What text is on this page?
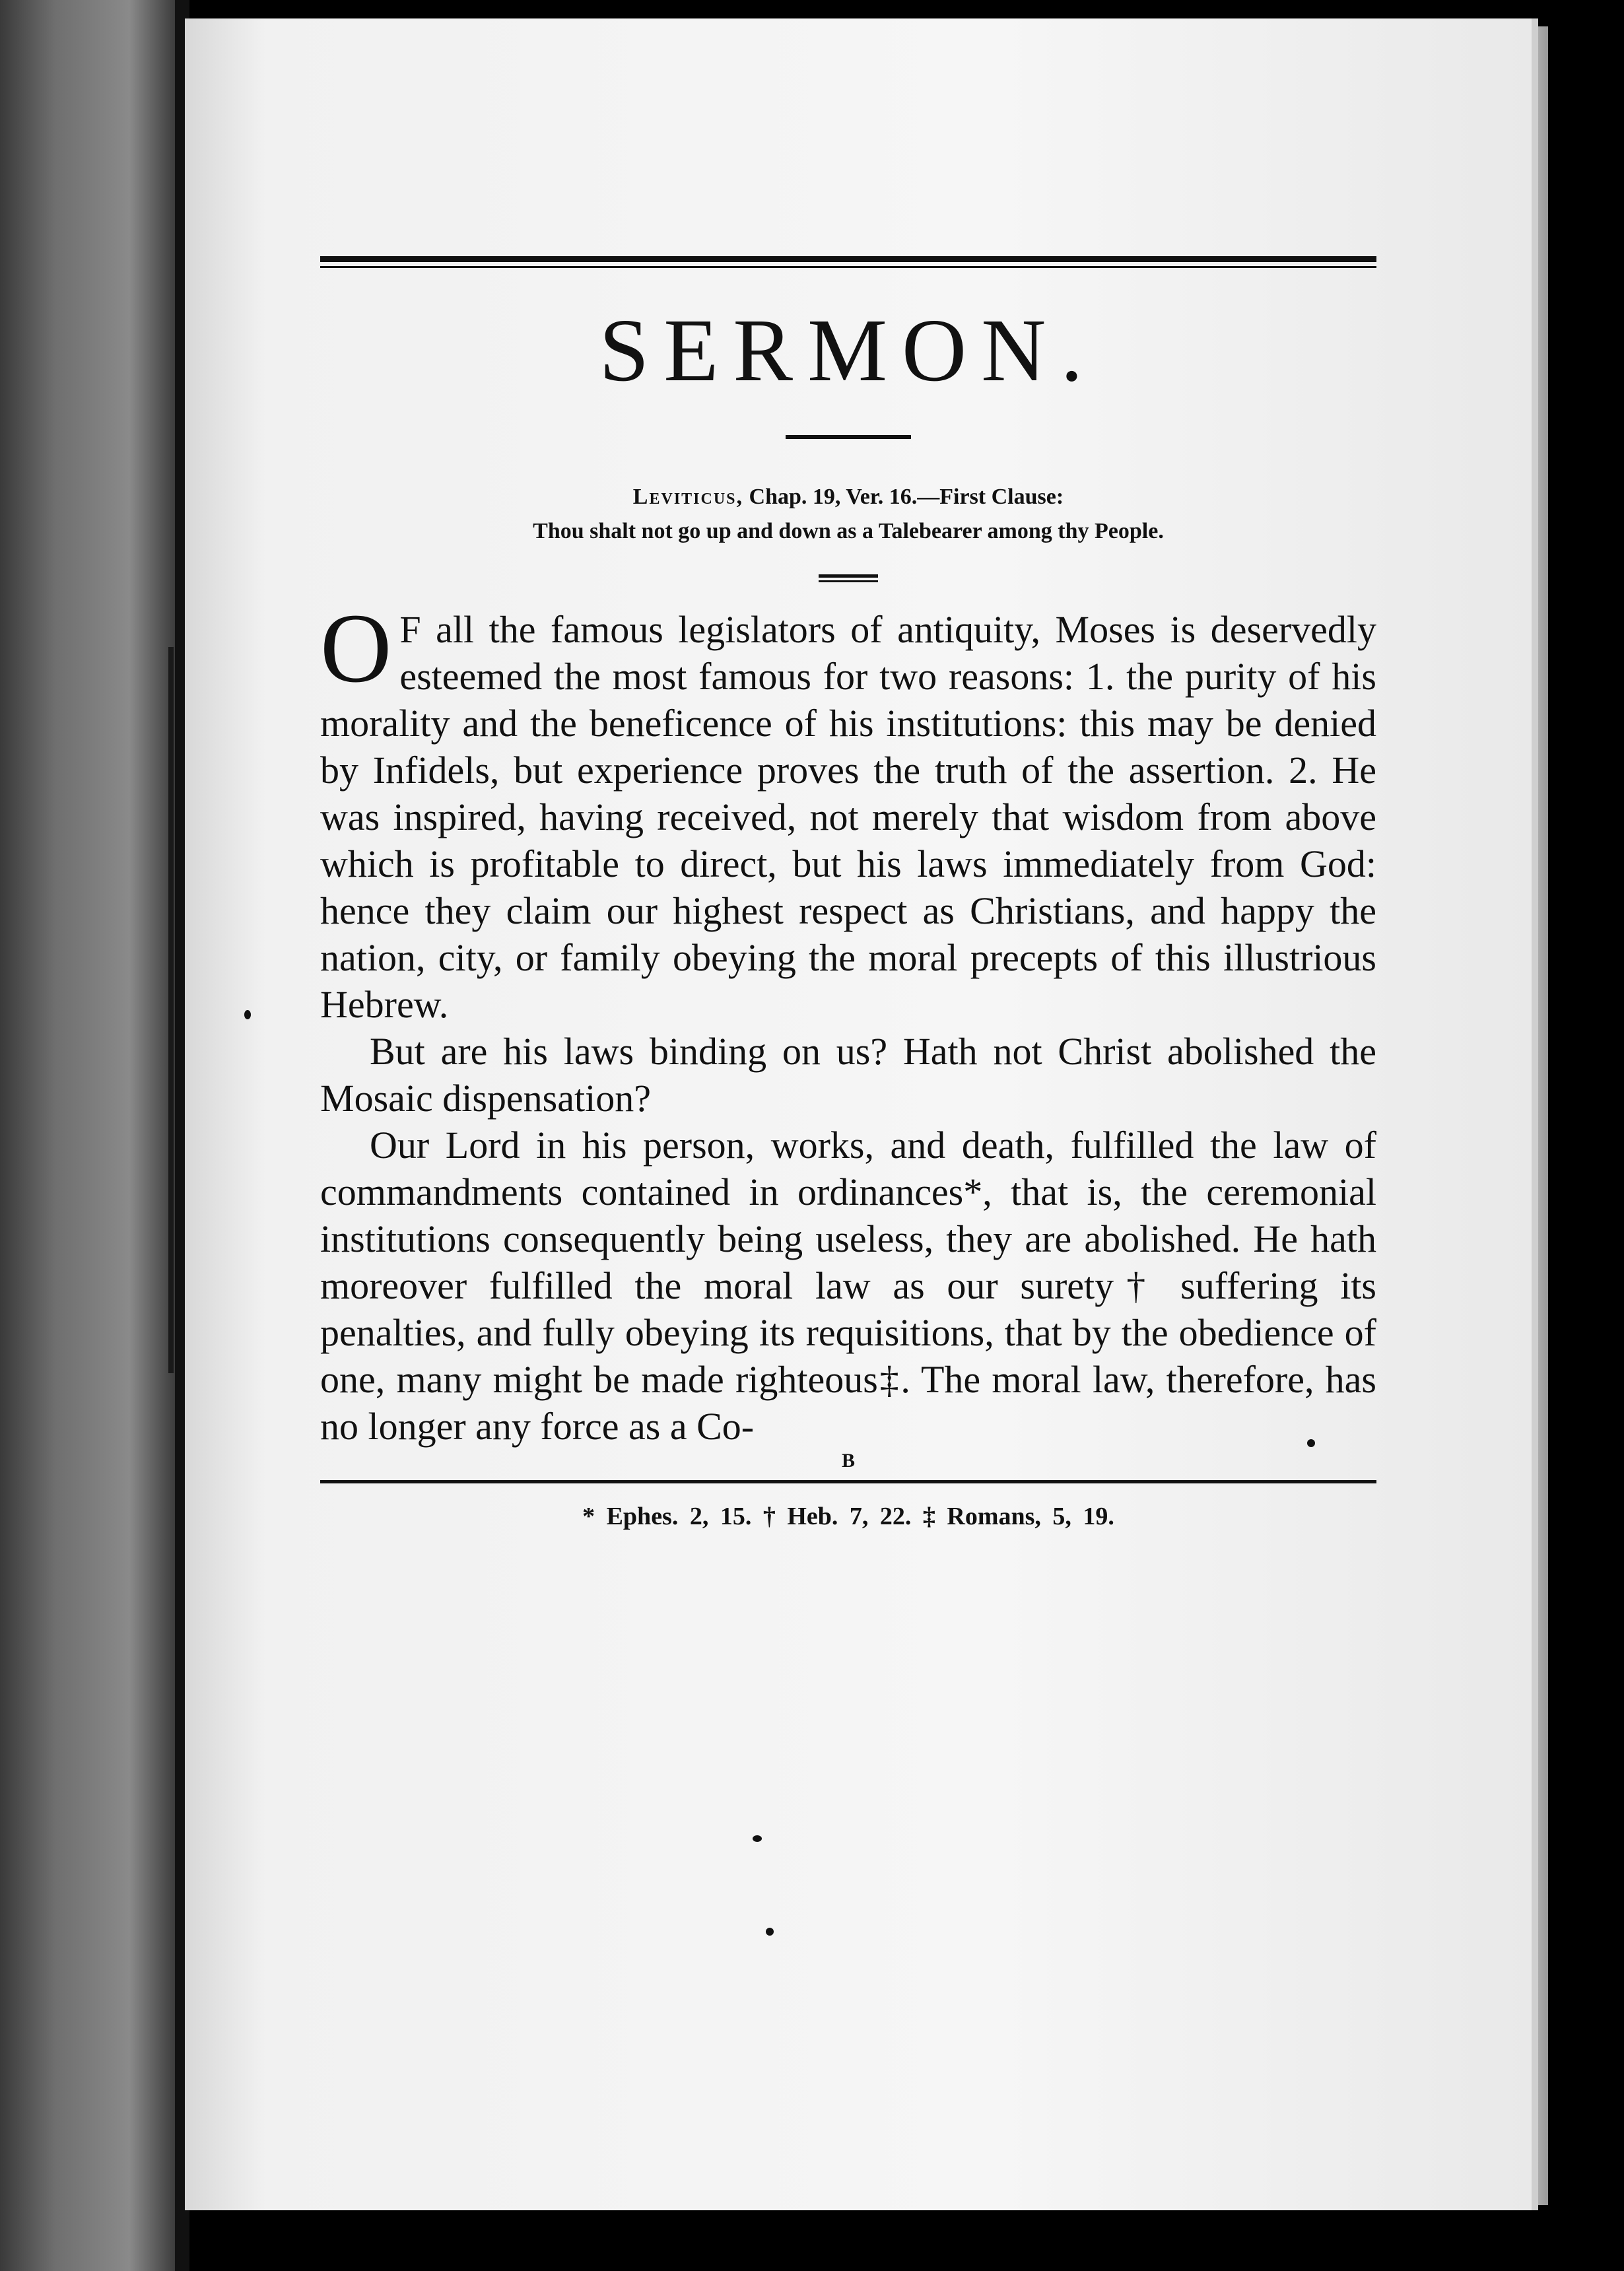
SERMON.
Leviticus, Chap. 19, Ver. 16.—First Clause:
Thou shalt not go up and down as a Talebearer among thy People.

O F all the famous legislators of antiquity, Moses is deservedly esteemed the most famous for two reasons: 1. the purity of his morality and the beneficence of his institutions: this may be denied by Infidels, but experience proves the truth of the assertion. 2. He was inspired, having received, not merely that wisdom from above which is profitable to direct, but his laws immediately from God: hence they claim our highest respect as Christians, and happy the nation, city, or family obeying the moral precepts of this illustrious Hebrew.

But are his laws binding on us? Hath not Christ abolished the Mosaic dispensation?

Our Lord in his person, works, and death, fulfilled the law of commandments contained in ordinances*, that is, the ceremonial institutions consequently being useless, they are abolished. He hath moreover fulfilled the moral law as our surety† suffering its penalties, and fully obeying its requisitions, that by the obedience of one, many might be made righteous‡. The moral law, therefore, has no longer any force as a Co-

B
* Ephes. 2, 15. † Heb. 7, 22. ‡ Romans, 5, 19.
